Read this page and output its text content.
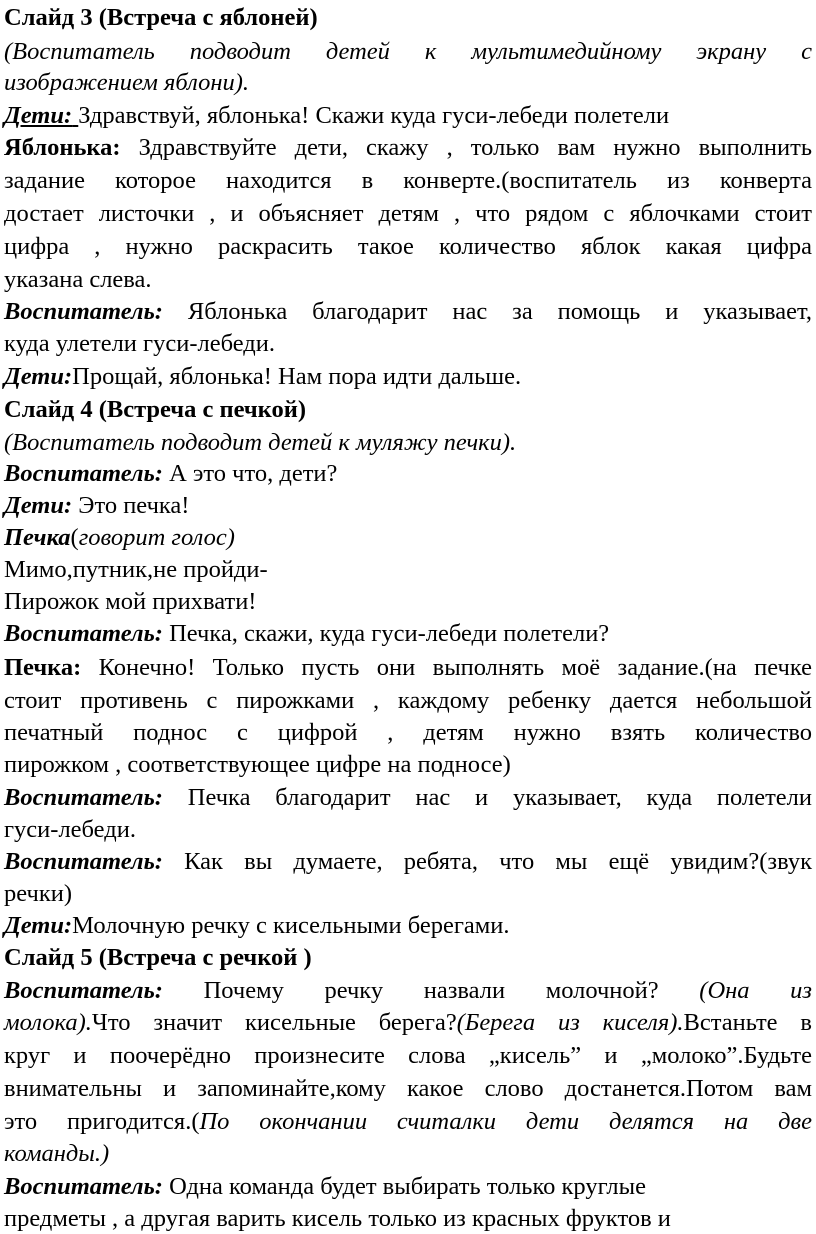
Слайд 3 (Встреча с яблоней)
(Воспитатель подводит детей к мультимедийному экрану с
изображением яблони).
Дети: Здравствуй, яблонька! Скажи куда гуси-лебеди полетели
Яблонька: Здравствуйте дети, скажу , только вам нужно выполнить
задание которое находится в конверте.(воспитатель из конверта
достает листочки , и объясняет детям , что рядом с яблочками стоит
цифра , нужно раскрасить такое количество яблок какая цифра
указана слева.
Воспитатель: Яблонька благодарит нас за помощь и указывает,
куда улетели гуси-лебеди.
Дети:Прощай, яблонька! Нам пора идти дальше.
Слайд 4 (Встреча с печкой)
(Воспитатель подводит детей к муляжу печки).
Воспитатель: А это что, дети?
Дети: Это печка!
Печка(говорит голос)
Мимо,путник,не пройди-
Пирожок мой прихвати!
Воспитатель: Печка, скажи, куда гуси-лебеди полетели?
Печка: Конечно! Только пусть они выполнять моё задание.(на печке
стоит противень с пирожками , каждому ребенку дается небольшой
печатный поднос с цифрой , детям нужно взять количество
пирожком , соответствующее цифре на подносе)
Воспитатель: Печка благодарит нас и указывает, куда полетели
гуси-лебеди.
Воспитатель: Как вы думаете, ребята, что мы ещё увидим?(звук
речки)
Дети:Молочную речку с кисельными берегами.
Слайд 5 (Встреча с речкой )
Воспитатель: Почему речку назвали молочной? (Она из
молока).Что значит кисельные берега?(Берега из киселя).Встаньте в
круг и поочерёдно произнесите слова „кисель” и „молоко”.Будьте
внимательны и запоминайте,кому какое слово достанется.Потом вам
это пригодится.(По окончании считалки дети делятся на две
команды.)
Воспитатель: Одна команда будет выбирать только круглые
предметы , а другая варить кисель только из красных фруктов и
